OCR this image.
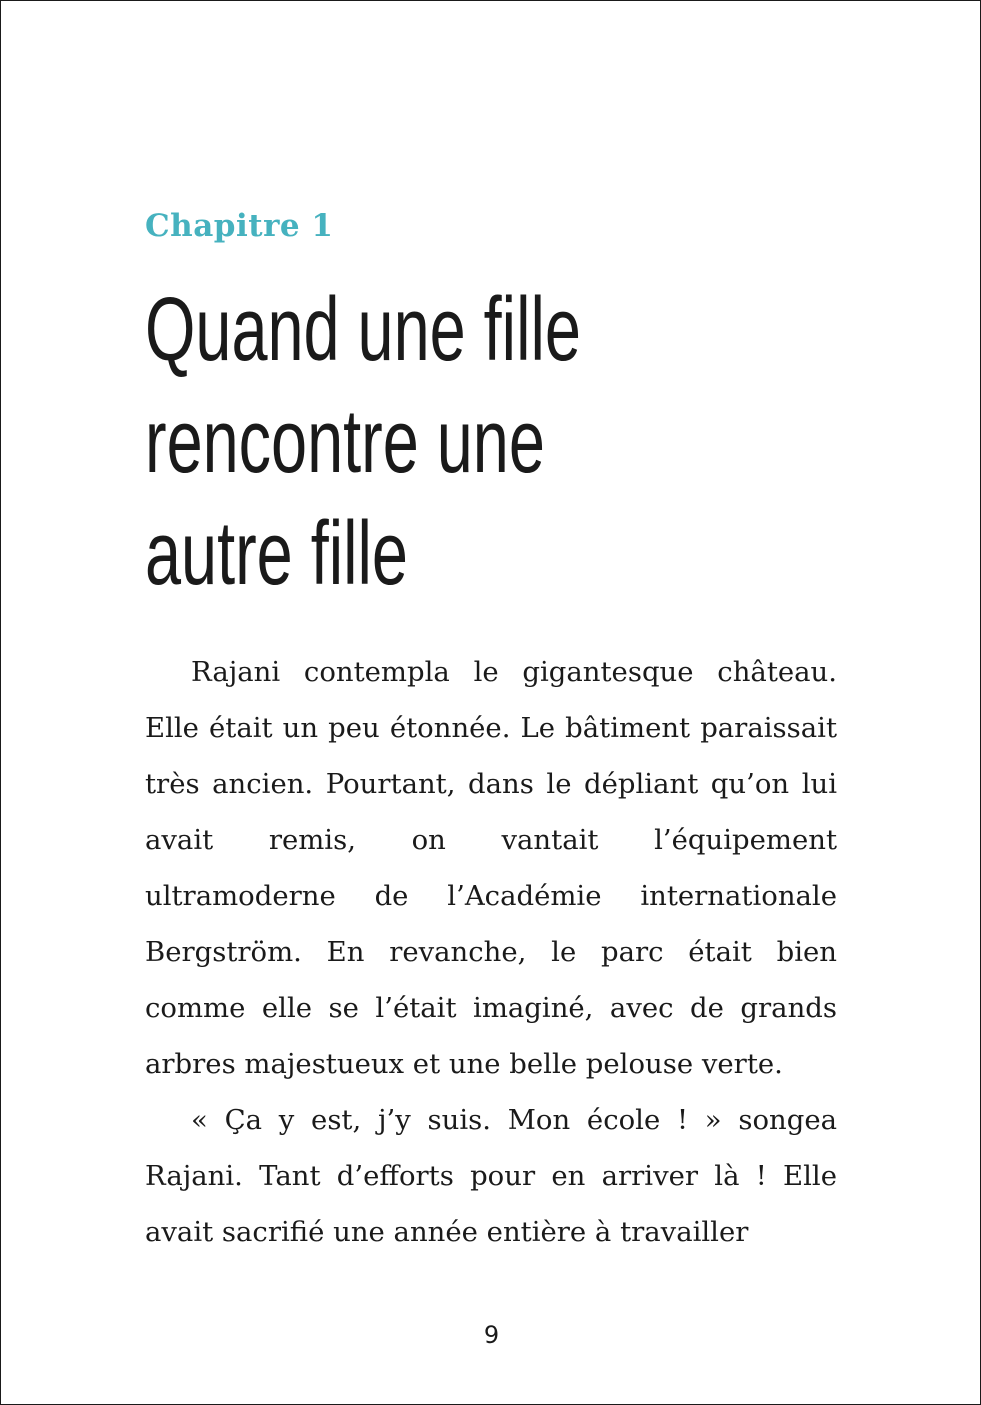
Chapitre 1
Quand une fille
rencontre une
autre fille

Rajani contempla le gigantesque château. Elle était un peu étonnée. Le bâtiment paraissait très ancien. Pourtant, dans le dépliant qu’on lui avait remis, on vantait l’équipement ultramoderne de l’Académie internationale Bergström. En revanche, le parc était bien comme elle se l’était imaginé, avec de grands arbres majestueux et une belle pelouse verte.

« Ça y est, j’y suis. Mon école ! » songea Rajani. Tant d’efforts pour en arriver là ! Elle avait sacrifié une année entière à travailler

9
